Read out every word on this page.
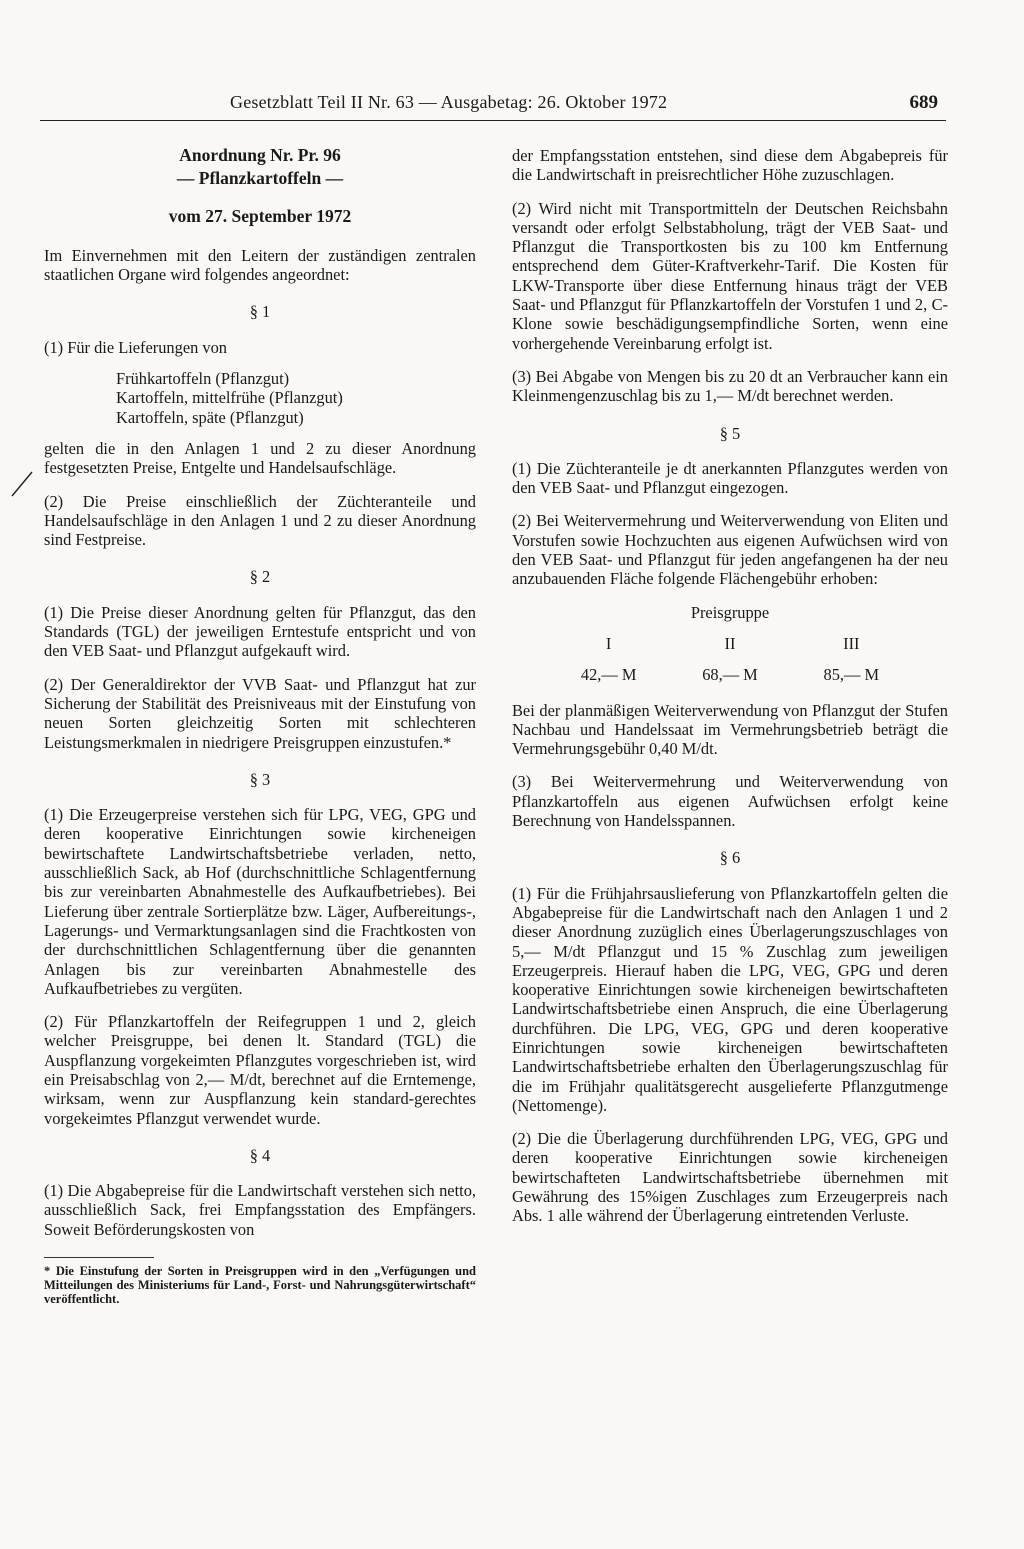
Gesetzblatt Teil II Nr. 63 — Ausgabetag: 26. Oktober 1972	689
Anordnung Nr. Pr. 96
— Pflanzkartoffeln —
vom 27. September 1972

Im Einvernehmen mit den Leitern der zuständigen zentralen staatlichen Organe wird folgendes angeordnet:

§ 1

(1) Für die Lieferungen von

Frühkartoffeln (Pflanzgut)
Kartoffeln, mittelfrühe (Pflanzgut)
Kartoffeln, späte (Pflanzgut)

gelten die in den Anlagen 1 und 2 zu dieser Anordnung festgesetzten Preise, Entgelte und Handelsaufschläge.

(2) Die Preise einschließlich der Züchteranteile und Handelsaufschläge in den Anlagen 1 und 2 zu dieser Anordnung sind Festpreise.

§ 2

(1) Die Preise dieser Anordnung gelten für Pflanzgut, das den Standards (TGL) der jeweiligen Erntestufe entspricht und von den VEB Saat- und Pflanzgut aufgekauft wird.

(2) Der Generaldirektor der VVB Saat- und Pflanzgut hat zur Sicherung der Stabilität des Preisniveaus mit der Einstufung von neuen Sorten gleichzeitig Sorten mit schlechteren Leistungsmerkmalen in niedrigere Preisgruppen einzustufen.*

§ 3

(1) Die Erzeugerpreise verstehen sich für LPG, VEG, GPG und deren kooperative Einrichtungen sowie kircheneigen bewirtschaftete Landwirtschaftsbetriebe verladen, netto, ausschließlich Sack, ab Hof (durchschnittliche Schlagentfernung bis zur vereinbarten Abnahmestelle des Aufkaufbetriebes). Bei Lieferung über zentrale Sortierplätze bzw. Läger, Aufbereitungs-, Lagerungs- und Vermarktungsanlagen sind die Frachtkosten von der durchschnittlichen Schlagentfernung über die genannten Anlagen bis zur vereinbarten Abnahmestelle des Aufkaufbetriebes zu vergüten.

(2) Für Pflanzkartoffeln der Reifegruppen 1 und 2, gleich welcher Preisgruppe, bei denen lt. Standard (TGL) die Auspflanzung vorgekeimten Pflanzgutes vorgeschrieben ist, wird ein Preisabschlag von 2,— M/dt, berechnet auf die Erntemenge, wirksam, wenn zur Auspflanzung kein standard-gerechtes vorgekeimtes Pflanzgut verwendet wurde.

§ 4

(1) Die Abgabepreise für die Landwirtschaft verstehen sich netto, ausschließlich Sack, frei Empfangsstation des Empfängers. Soweit Beförderungskosten von

* Die Einstufung der Sorten in Preisgruppen wird in den „Verfügungen und Mitteilungen des Ministeriums für Land-, Forst- und Nahrungsgüterwirtschaft“ veröffentlicht.

der Empfangsstation entstehen, sind diese dem Abgabepreis für die Landwirtschaft in preisrechtlicher Höhe zuzuschlagen.

(2) Wird nicht mit Transportmitteln der Deutschen Reichsbahn versandt oder erfolgt Selbstabholung, trägt der VEB Saat- und Pflanzgut die Transportkosten bis zu 100 km Entfernung entsprechend dem Güter-Kraftverkehr-Tarif. Die Kosten für LKW-Transporte über diese Entfernung hinaus trägt der VEB Saat- und Pflanzgut für Pflanzkartoffeln der Vorstufen 1 und 2, C-Klone sowie beschädigungsempfindliche Sorten, wenn eine vorhergehende Vereinbarung erfolgt ist.

(3) Bei Abgabe von Mengen bis zu 20 dt an Verbraucher kann ein Kleinmengenzuschlag bis zu 1,— M/dt berechnet werden.

§ 5

(1) Die Züchteranteile je dt anerkannten Pflanzgutes werden von den VEB Saat- und Pflanzgut eingezogen.

(2) Bei Weitervermehrung und Weiterverwendung von Eliten und Vorstufen sowie Hochzuchten aus eigenen Aufwüchsen wird von den VEB Saat- und Pflanzgut für jeden angefangenen ha der neu anzubauenden Fläche folgende Flächengebühr erhoben:

Preisgruppe
I	II	III
42,— M	68,— M	85,— M

Bei der planmäßigen Weiterverwendung von Pflanzgut der Stufen Nachbau und Handelssaat im Vermehrungsbetrieb beträgt die Vermehrungsgebühr 0,40 M/dt.

(3) Bei Weitervermehrung und Weiterverwendung von Pflanzkartoffeln aus eigenen Aufwüchsen erfolgt keine Berechnung von Handelsspannen.

§ 6

(1) Für die Frühjahrsauslieferung von Pflanzkartoffeln gelten die Abgabepreise für die Landwirtschaft nach den Anlagen 1 und 2 dieser Anordnung zuzüglich eines Überlagerungszuschlages von 5,— M/dt Pflanzgut und 15 % Zuschlag zum jeweiligen Erzeugerpreis. Hierauf haben die LPG, VEG, GPG und deren kooperative Einrichtungen sowie kircheneigen bewirtschafteten Landwirtschaftsbetriebe einen Anspruch, die eine Überlagerung durchführen. Die LPG, VEG, GPG und deren kooperative Einrichtungen sowie kircheneigen bewirtschafteten Landwirtschaftsbetriebe erhalten den Überlagerungszuschlag für die im Frühjahr qualitätsgerecht ausgelieferte Pflanzgutmenge (Nettomenge).

(2) Die die Überlagerung durchführenden LPG, VEG, GPG und deren kooperative Einrichtungen sowie kircheneigen bewirtschafteten Landwirtschaftsbetriebe übernehmen mit Gewährung des 15%igen Zuschlages zum Erzeugerpreis nach Abs. 1 alle während der Überlagerung eintretenden Verluste.
